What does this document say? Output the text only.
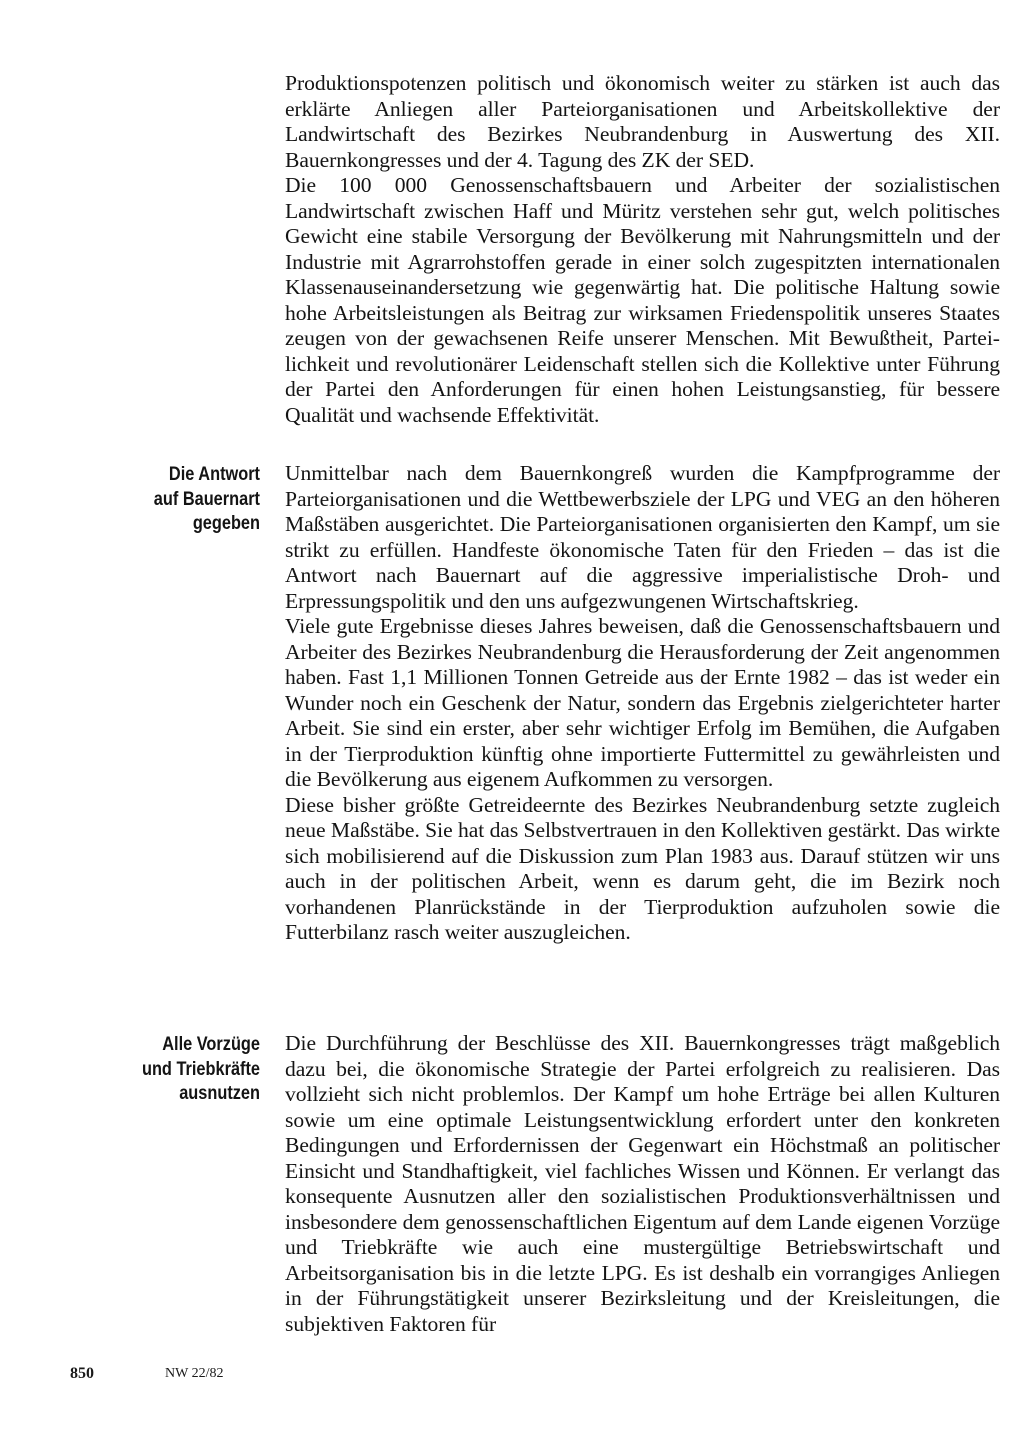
Produktionspotenzen politisch und ökonomisch weiter zu stärken ist auch das erklärte Anliegen aller Parteiorganisationen und Arbeitskollektive der Landwirtschaft des Bezirkes Neubrandenburg in Auswertung des XII. Bauernkongresses und der 4. Tagung des ZK der SED.

Die 100 000 Genossenschaftsbauern und Arbeiter der sozialistischen Landwirtschaft zwischen Haff und Müritz verstehen sehr gut, welch politisches Gewicht eine stabile Versorgung der Bevölkerung mit Nahrungsmitteln und der Industrie mit Agrarrohstoffen gerade in einer solch zugespitzten internationalen Klassenauseinandersetzung wie gegenwärtig hat. Die politische Haltung sowie hohe Arbeitsleistungen als Beitrag zur wirksamen Friedenspolitik unseres Staates zeugen von der gewachsenen Reife unserer Menschen. Mit Bewußtheit, Parteilichkeit und revolutionärer Leidenschaft stellen sich die Kollektive unter Führung der Partei den Anforderungen für einen hohen Leistungsanstieg, für bessere Qualität und wachsende Effektivität.

Die Antwort
auf Bauernart
gegeben

Unmittelbar nach dem Bauernkongreß wurden die Kampfprogramme der Parteiorganisationen und die Wettbewerbsziele der LPG und VEG an den höheren Maßstäben ausgerichtet. Die Parteiorganisationen organisierten den Kampf, um sie strikt zu erfüllen. Handfeste ökonomische Taten für den Frieden – das ist die Antwort nach Bauernart auf die aggressive imperialistische Droh- und Erpressungspolitik und den uns aufgezwungenen Wirtschaftskrieg.

Viele gute Ergebnisse dieses Jahres beweisen, daß die Genossenschaftsbauern und Arbeiter des Bezirkes Neubrandenburg die Herausforderung der Zeit angenommen haben. Fast 1,1 Millionen Tonnen Getreide aus der Ernte 1982 – das ist weder ein Wunder noch ein Geschenk der Natur, sondern das Ergebnis zielgerichteter harter Arbeit. Sie sind ein erster, aber sehr wichtiger Erfolg im Bemühen, die Aufgaben in der Tierproduktion künftig ohne importierte Futtermittel zu gewährleisten und die Bevölkerung aus eigenem Aufkommen zu versorgen.

Diese bisher größte Getreideernte des Bezirkes Neubrandenburg setzte zugleich neue Maßstäbe. Sie hat das Selbstvertrauen in den Kollektiven gestärkt. Das wirkte sich mobilisierend auf die Diskussion zum Plan 1983 aus. Darauf stützen wir uns auch in der politischen Arbeit, wenn es darum geht, die im Bezirk noch vorhandenen Planrückstände in der Tierproduktion aufzuholen sowie die Futterbilanz rasch weiter auszugleichen.

Alle Vorzüge
und Triebkräfte
ausnutzen

Die Durchführung der Beschlüsse des XII. Bauernkongresses trägt maßgeblich dazu bei, die ökonomische Strategie der Partei erfolgreich zu realisieren. Das vollzieht sich nicht problemlos. Der Kampf um hohe Erträge bei allen Kulturen sowie um eine optimale Leistungsentwicklung erfordert unter den konkreten Bedingungen und Erfordernissen der Gegenwart ein Höchstmaß an politischer Einsicht und Standhaftigkeit, viel fachliches Wissen und Können. Er verlangt das konsequente Ausnutzen aller den sozialistischen Produktionsverhältnissen und insbesondere dem genossenschaftlichen Eigentum auf dem Lande eigenen Vorzüge und Triebkräfte wie auch eine mustergültige Betriebswirtschaft und Arbeitsorganisation bis in die letzte LPG. Es ist deshalb ein vorrangiges Anliegen in der Führungstätigkeit unserer Bezirksleitung und der Kreisleitungen, die subjektiven Faktoren für

850	NW 22/82
